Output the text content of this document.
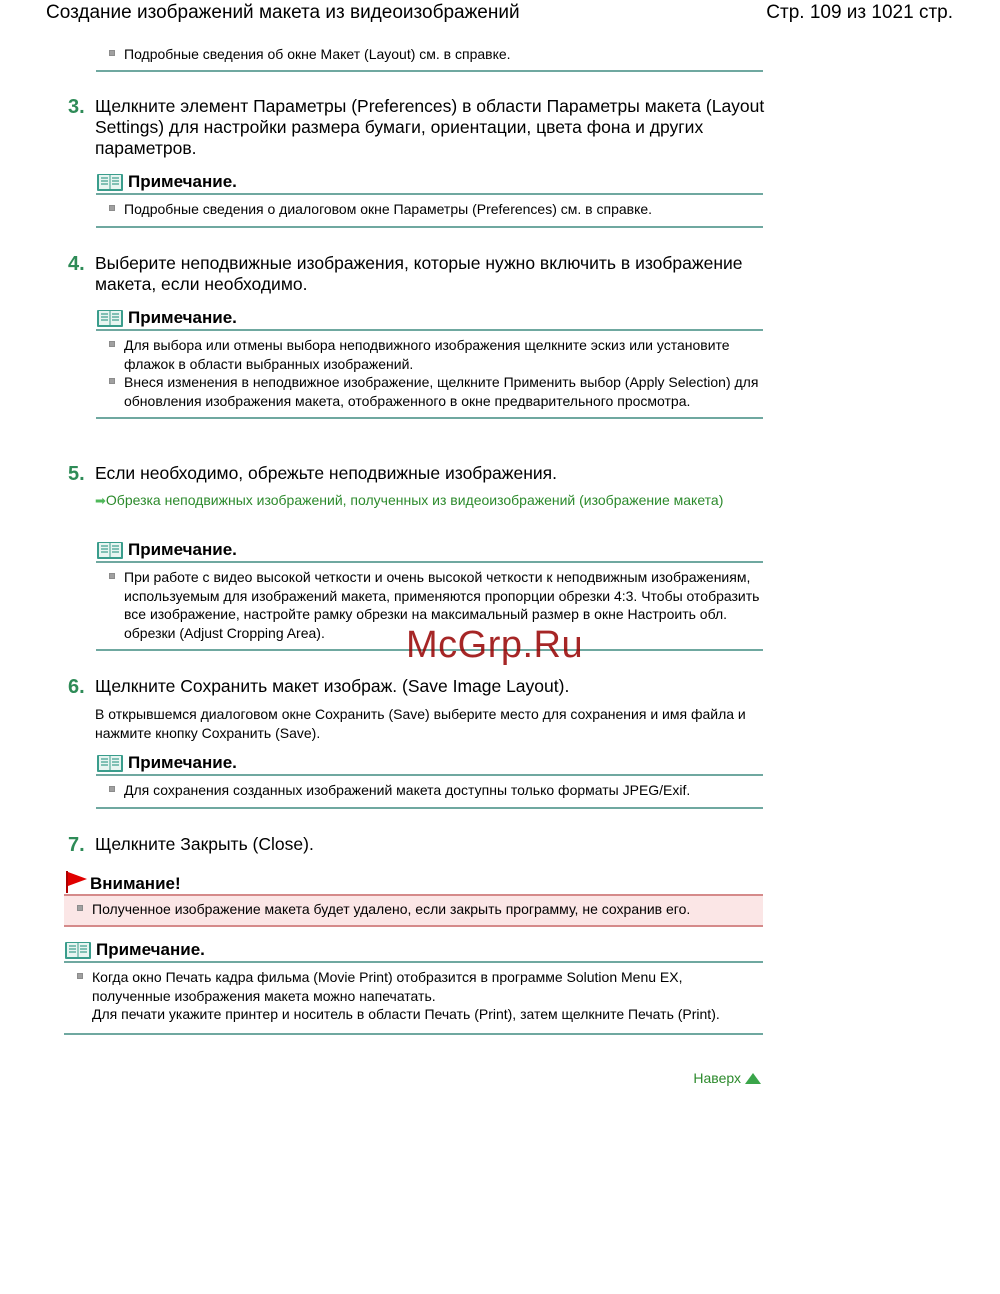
Создание изображений макета из видеоизображений	Стр. 109 из 1021 стр.
Подробные сведения об окне Макет (Layout) см. в справке.
3. Щелкните элемент Параметры (Preferences) в области Параметры макета (Layout Settings) для настройки размера бумаги, ориентации, цвета фона и других параметров.
Примечание.
Подробные сведения о диалоговом окне Параметры (Preferences) см. в справке.
4. Выберите неподвижные изображения, которые нужно включить в изображение макета, если необходимо.
Примечание.
Для выбора или отмены выбора неподвижного изображения щелкните эскиз или установите флажок в области выбранных изображений.
Внеся изменения в неподвижное изображение, щелкните Применить выбор (Apply Selection) для обновления изображения макета, отображенного в окне предварительного просмотра.
5. Если необходимо, обрежьте неподвижные изображения.
➡Обрезка неподвижных изображений, полученных из видеоизображений (изображение макета)
Примечание.
При работе с видео высокой четкости и очень высокой четкости к неподвижным изображениям, используемым для изображений макета, применяются пропорции обрезки 4:3. Чтобы отобразить все изображение, настройте рамку обрезки на максимальный размер в окне Настроить обл. обрезки (Adjust Cropping Area).
6. Щелкните Сохранить макет изображ. (Save Image Layout).
В открывшемся диалоговом окне Сохранить (Save) выберите место для сохранения и имя файла и нажмите кнопку Сохранить (Save).
Примечание.
Для сохранения созданных изображений макета доступны только форматы JPEG/Exif.
7. Щелкните Закрыть (Close).
Внимание!
Полученное изображение макета будет удалено, если закрыть программу, не сохранив его.
Примечание.
Когда окно Печать кадра фильма (Movie Print) отобразится в программе Solution Menu EX, полученные изображения макета можно напечатать.
Для печати укажите принтер и носитель в области Печать (Print), затем щелкните Печать (Print).
Наверх
McGrp.Ru
